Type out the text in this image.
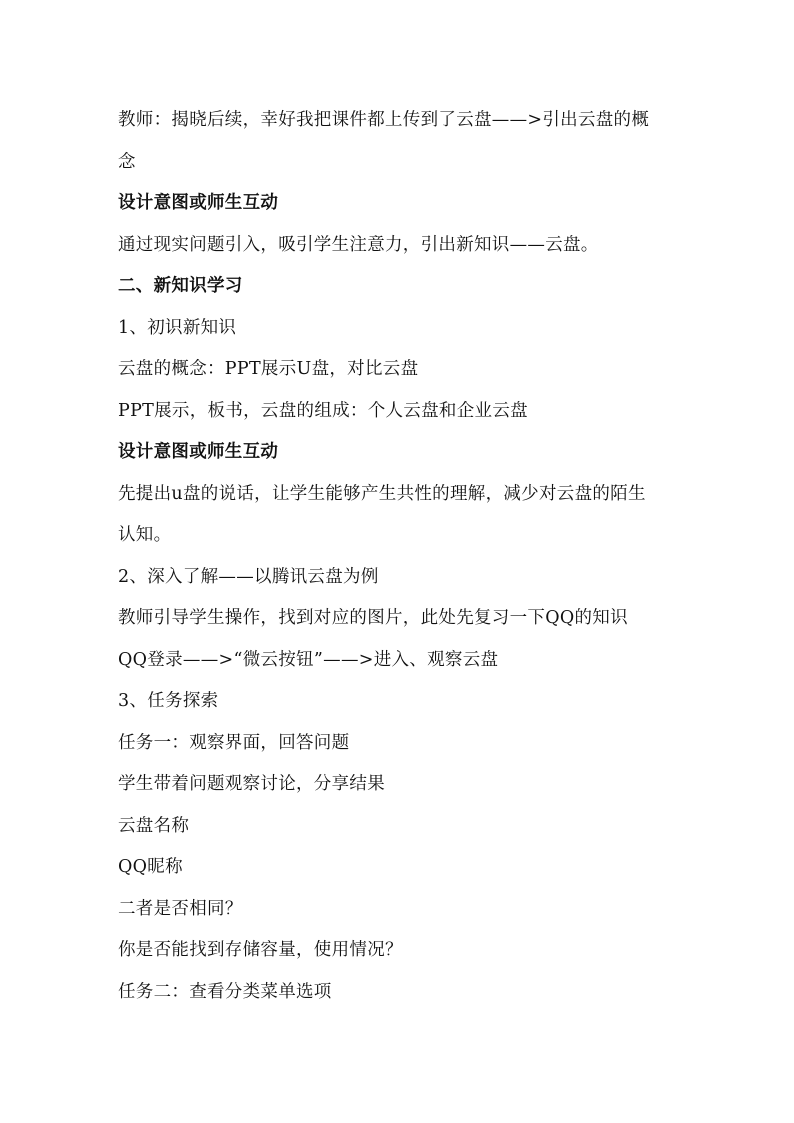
教师：揭晓后续，幸好我把课件都上传到了云盘——>引出云盘的概

念

设计意图或师生互动

通过现实问题引入，吸引学生注意力，引出新知识——云盘。

二、新知识学习

1、初识新知识

云盘的概念：PPT展示U盘，对比云盘

PPT展示，板书，云盘的组成：个人云盘和企业云盘

设计意图或师生互动

先提出u盘的说话，让学生能够产生共性的理解，减少对云盘的陌生

认知。

2、深入了解——以腾讯云盘为例

教师引导学生操作，找到对应的图片，此处先复习一下QQ的知识

QQ登录——>“微云按钮”——>进入、观察云盘

3、任务探索

任务一：观察界面，回答问题

学生带着问题观察讨论，分享结果

云盘名称

QQ昵称

二者是否相同？

你是否能找到存储容量，使用情况？

任务二：查看分类菜单选项
